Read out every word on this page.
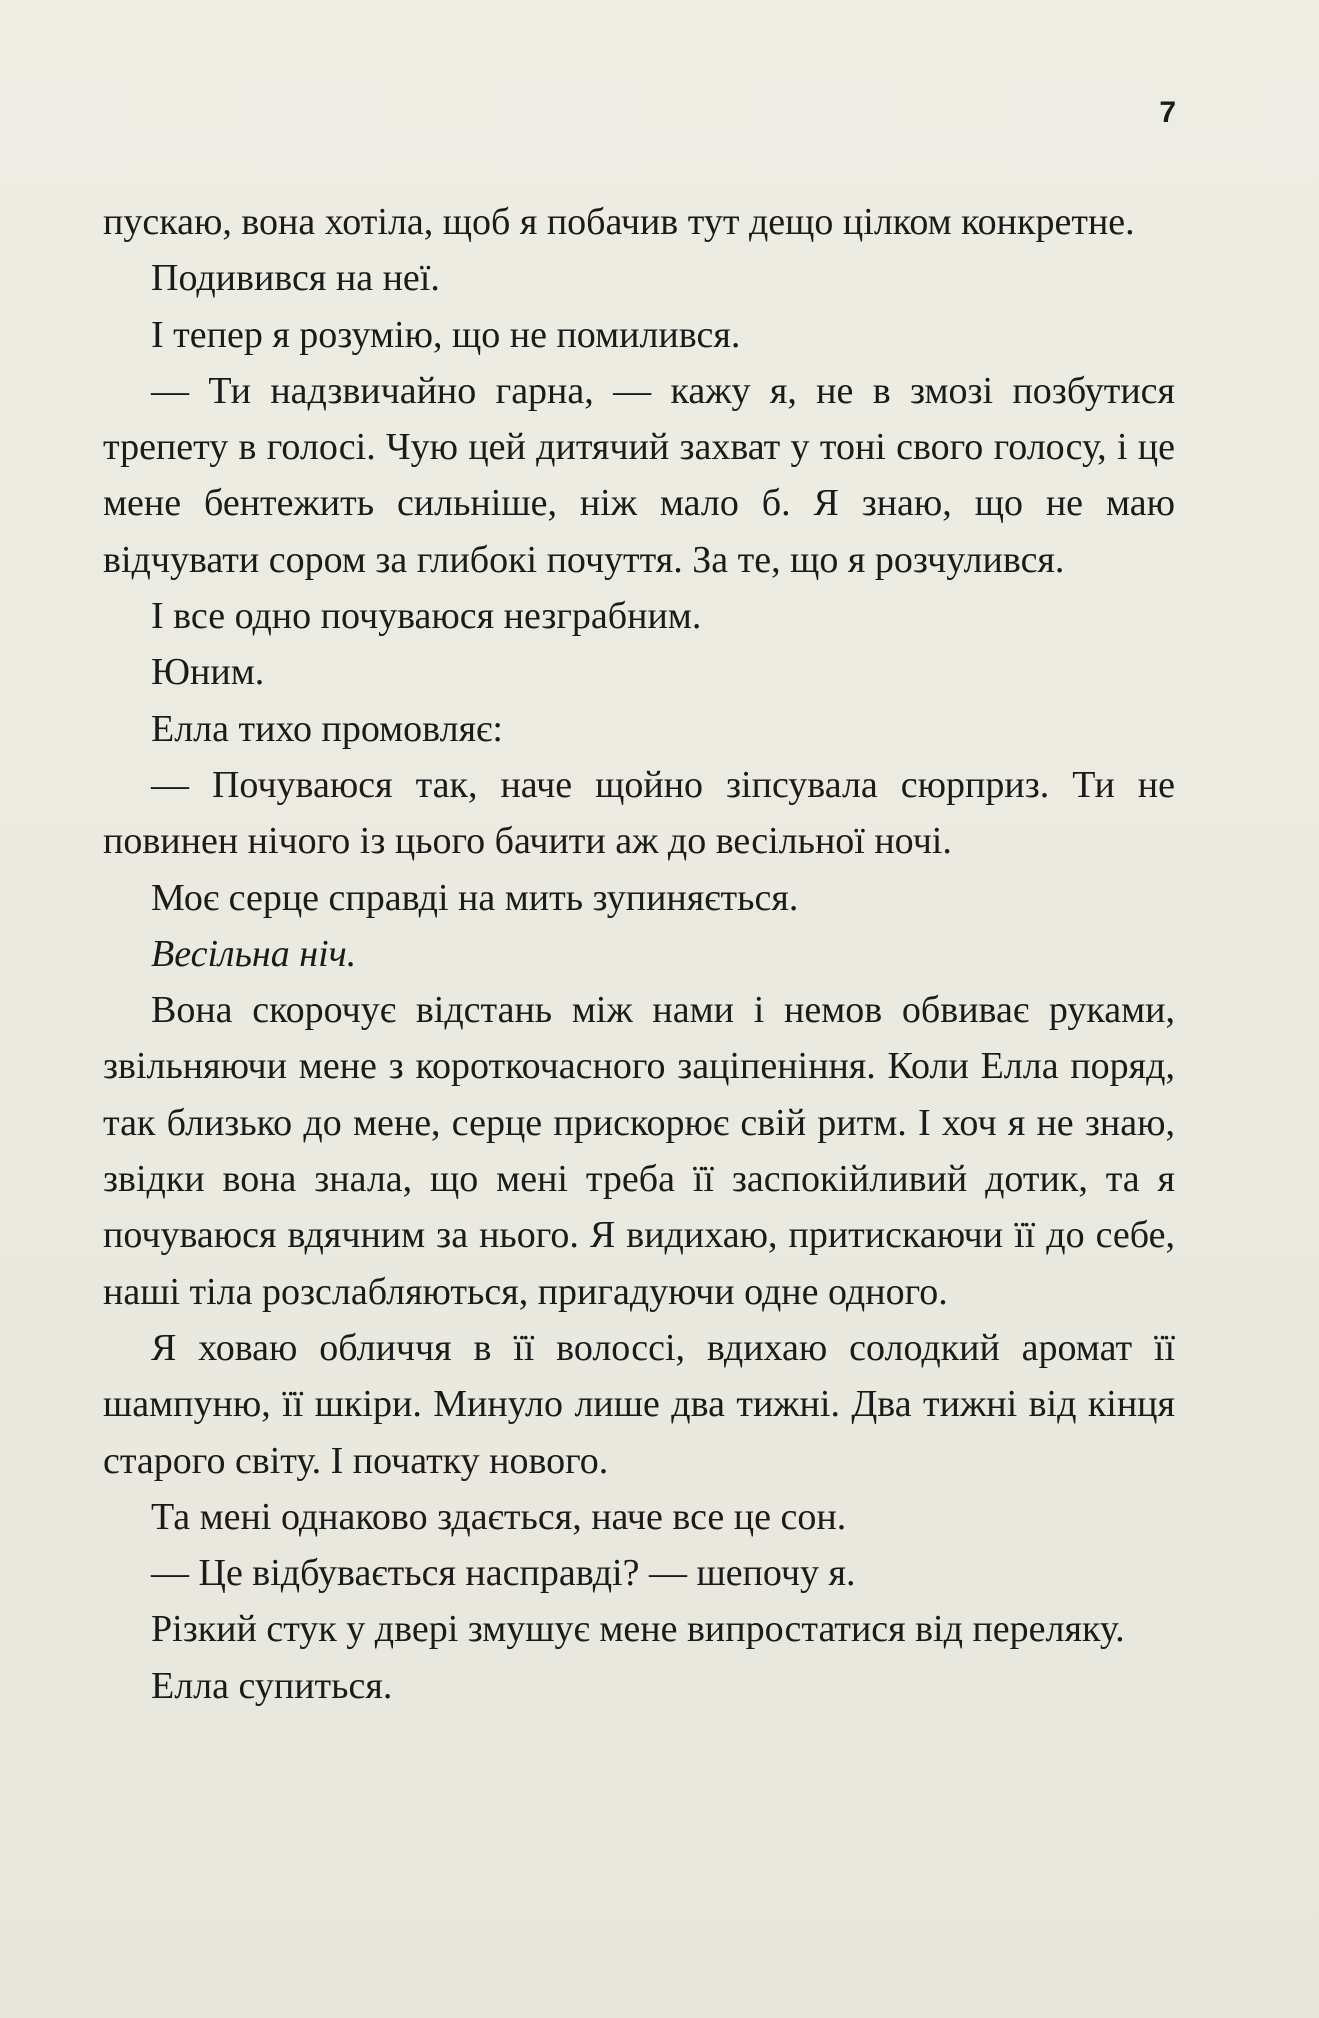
7

пускаю, вона хотіла, щоб я побачив тут дещо цілком конкретне.

Подивився на неї.

І тепер я розумію, що не помилився.

— Ти надзвичайно гарна, — кажу я, не в змозі позбутися трепету в голосі. Чую цей дитячий захват у тоні свого голосу, і це мене бентежить сильніше, ніж мало б. Я знаю, що не маю відчувати сором за глибокі почуття. За те, що я розчулився.

І все одно почуваюся незграбним.

Юним.

Елла тихо промовляє:

— Почуваюся так, наче щойно зіпсувала сюрприз. Ти не повинен нічого із цього бачити аж до весільної ночі.

Моє серце справді на мить зупиняється.

Весільна ніч.

Вона скорочує відстань між нами і немов обвиває руками, звільняючи мене з короткочасного заціпеніння. Коли Елла поряд, так близько до мене, серце прискорює свій ритм. І хоч я не знаю, звідки вона знала, що мені треба її заспокійливий дотик, та я почуваюся вдячним за нього. Я видихаю, притискаючи її до себе, наші тіла розслабляються, пригадуючи одне одного.

Я ховаю обличчя в її волоссі, вдихаю солодкий аромат її шампуню, її шкіри. Минуло лише два тижні. Два тижні від кінця старого світу. І початку нового.

Та мені однаково здається, наче все це сон.

— Це відбувається насправді? — шепочу я.

Різкий стук у двері змушує мене випростатися від переляку.

Елла супиться.
